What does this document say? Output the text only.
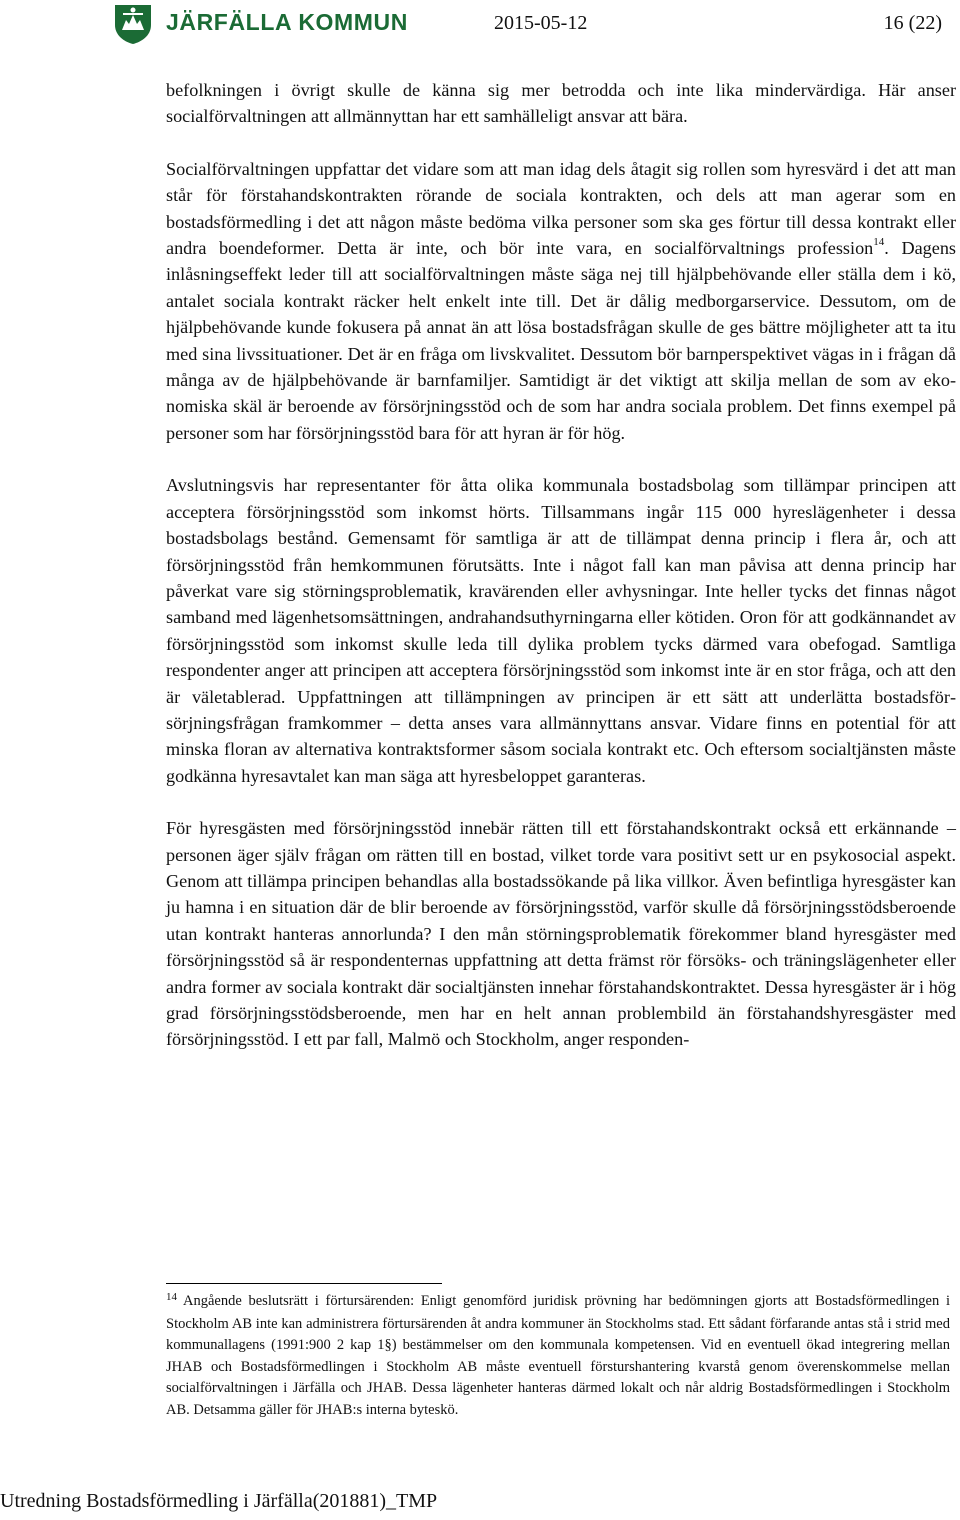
JÄRFÄLLA KOMMUN	2015-05-12	16 (22)

befolkningen i övrigt skulle de känna sig mer betrodda och inte lika mindervärdiga. Här anser socialförvaltningen att allmännyttan har ett samhälleligt ansvar att bära.

Socialförvaltningen uppfattar det vidare som att man idag dels åtagit sig rollen som hyresvärd i det att man står för förstahandskontrakten rörande de sociala kontrakten, och dels att man agerar som en bostadsförmedling i det att någon måste bedöma vilka personer som ska ges förtur till dessa kontrakt eller andra boendeformer. Detta är inte, och bör inte vara, en socialförvaltnings profession$^{14}$. Dagens inlåsningseffekt leder till att socialförvaltningen måste säga nej till hjälpbehövande eller ställa dem i kö, antalet sociala kontrakt räcker helt enkelt inte till. Det är dålig medborgarservice. Dessutom, om de hjälpbehövande kunde fokusera på annat än att lösa bostadsfrågan skulle de ges bättre möjligheter att ta itu med sina livssituationer. Det är en fråga om livskvalitet. Dessutom bör barnperspektivet vägas in i frågan då många av de hjälpbehövande är barnfamiljer. Samtidigt är det viktigt att skilja mellan de som av ekonomiska skäl är beroende av försörjningsstöd och de som har andra sociala problem. Det finns exempel på personer som har försörjningsstöd bara för att hyran är för hög.

Avslutningsvis har representanter för åtta olika kommunala bostadsbolag som tillämpar principen att acceptera försörjningsstöd som inkomst hörts. Tillsammans ingår 115 000 hyreslägenheter i dessa bostadsbolags bestånd. Gemensamt för samtliga är att de tillämpat denna princip i flera år, och att försörjningsstöd från hemkommunen förutsätts. Inte i något fall kan man påvisa att denna princip har påverkat vare sig störningsproblematik, kravärenden eller avhysningar. Inte heller tycks det finnas något samband med lägenhetsomsättningen, andrahandsuthyrningarna eller kötiden. Oron för att godkännandet av försörjningsstöd som inkomst skulle leda till dylika problem tycks därmed vara obefogad. Samtliga respondenter anger att principen att acceptera försörjningsstöd som inkomst inte är en stor fråga, och att den är väletablerad. Uppfattningen att tillämpningen av principen är ett sätt att underlätta bostadsförsörjningsfrågan framkommer – detta anses vara allmännyttans ansvar. Vidare finns en potential för att minska floran av alternativa kontraktsformer såsom sociala kontrakt etc. Och eftersom socialtjänsten måste godkänna hyresavtalet kan man säga att hyresbeloppet garanteras.

För hyresgästen med försörjningsstöd innebär rätten till ett förstahandskontrakt också ett erkännande – personen äger själv frågan om rätten till en bostad, vilket torde vara positivt sett ur en psykosocial aspekt. Genom att tillämpa principen behandlas alla bostadssökande på lika villkor. Även befintliga hyresgäster kan ju hamna i en situation där de blir beroende av försörjningsstöd, varför skulle då försörjningsstödsberoende utan kontrakt hanteras annorlunda? I den mån störningsproblematik förekommer bland hyresgäster med försörjningsstöd så är respondenternas uppfattning att detta främst rör försöks- och träningslägenheter eller andra former av sociala kontrakt där socialtjänsten innehar förstahandskontraktet. Dessa hyresgäster är i hög grad försörjningsstödsberoende, men har en helt annan problembild än förstahandshyresgäster med försörjningsstöd. I ett par fall, Malmö och Stockholm, anger responden-

$^{14}$ Angående beslutsrätt i förtursärenden: Enligt genomförd juridisk prövning har bedömningen gjorts att Bostadsförmedlingen i Stockholm AB inte kan administrera förtursärenden åt andra kommuner än Stockholms stad. Ett sådant förfarande antas stå i strid med kommunallagens (1991:900 2 kap 1§) bestämmelser om den kommunala kompetensen. Vid en eventuell ökad integrering mellan JHAB och Bostadsförmedlingen i Stockholm AB måste eventuell försturshantering kvarstå genom överenskommelse mellan socialförvaltningen i Järfälla och JHAB. Dessa lägenheter hanteras därmed lokalt och når aldrig Bostadsförmedlingen i Stockholm AB. Detsamma gäller för JHAB:s interna byteskö.
Utredning Bostadsförmedling i Järfälla(201881)_TMP
